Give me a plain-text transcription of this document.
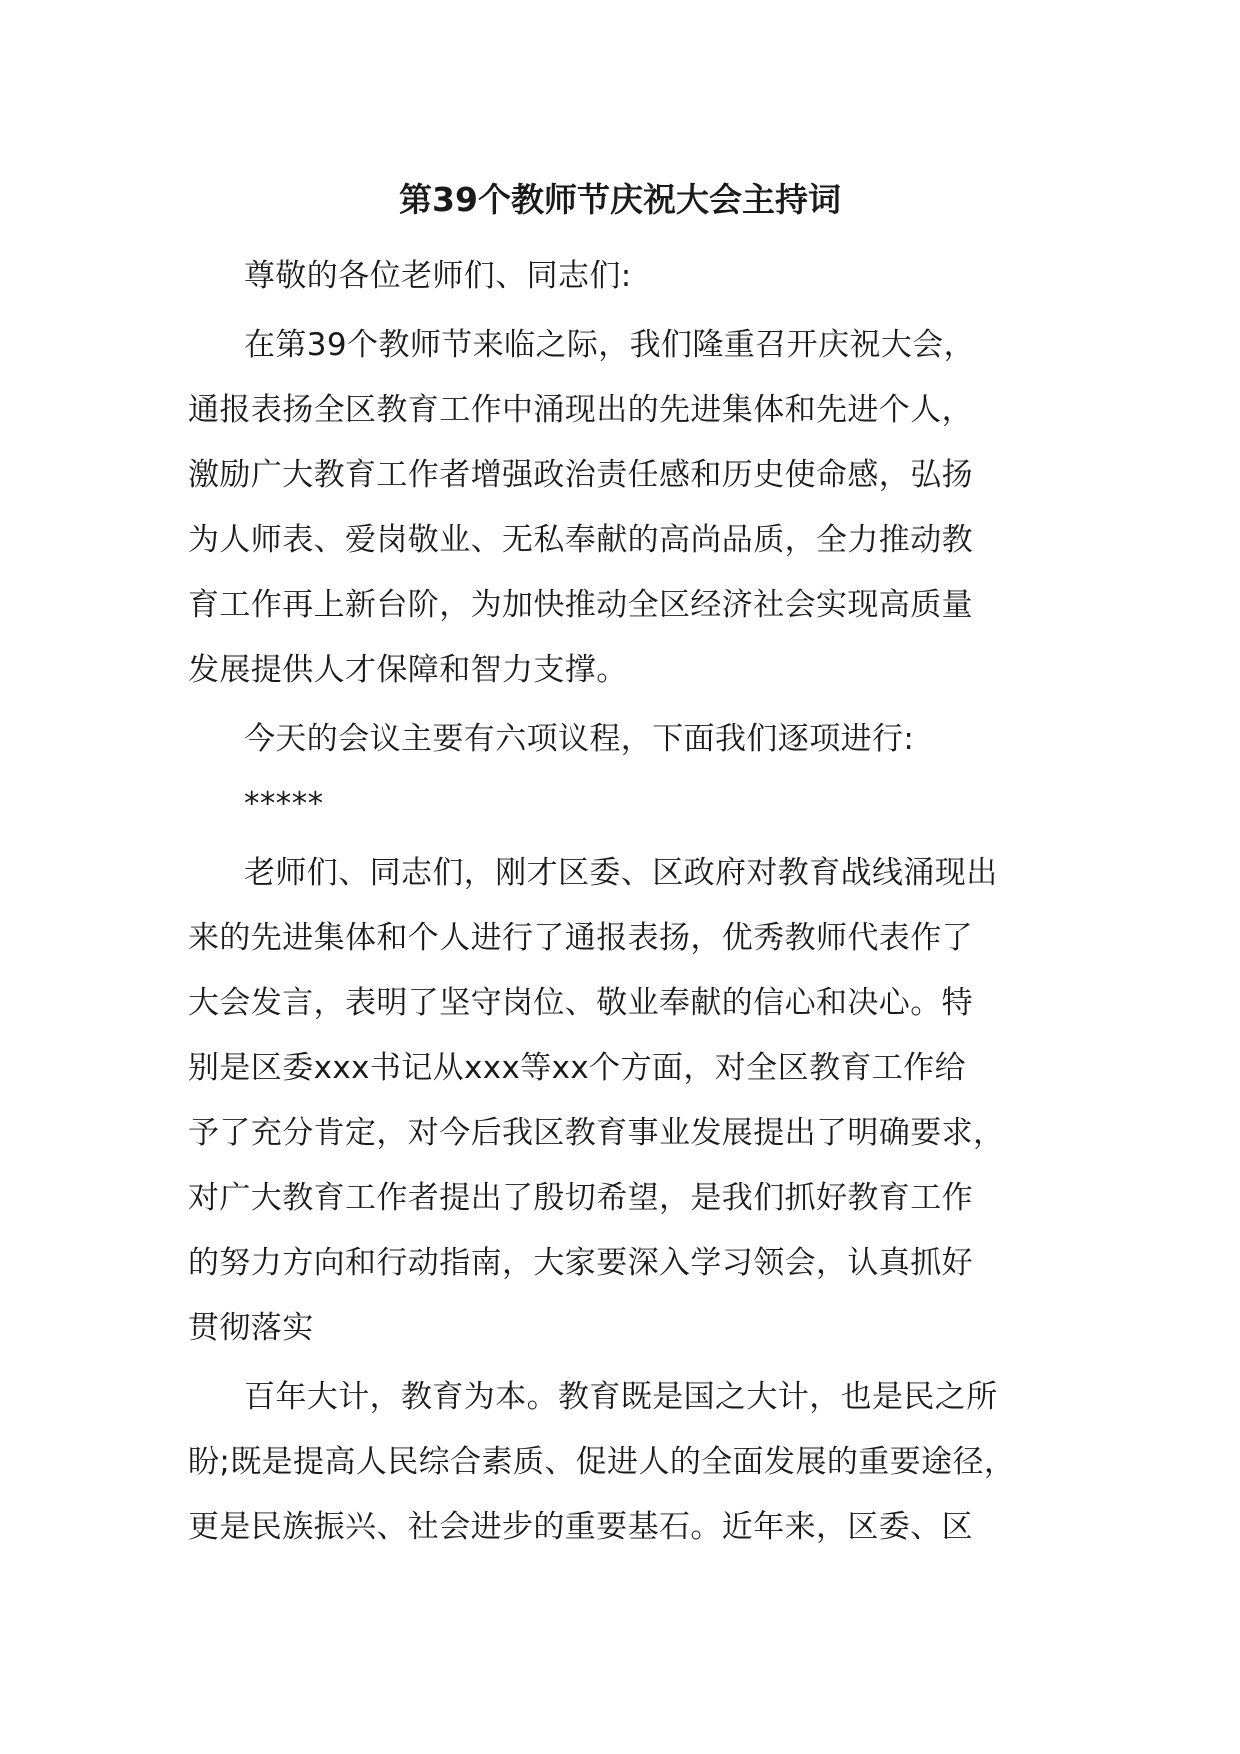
第39个教师节庆祝大会主持词

尊敬的各位老师们、同志们:

在第39个教师节来临之际，我们隆重召开庆祝大会，
通报表扬全区教育工作中涌现出的先进集体和先进个人，
激励广大教育工作者增强政治责任感和历史使命感，弘扬
为人师表、爱岗敬业、无私奉献的高尚品质，全力推动教
育工作再上新台阶，为加快推动全区经济社会实现高质量
发展提供人才保障和智力支撑。

今天的会议主要有六项议程，下面我们逐项进行:

*****

老师们、同志们，刚才区委、区政府对教育战线涌现出
来的先进集体和个人进行了通报表扬，优秀教师代表作了
大会发言，表明了坚守岗位、敬业奉献的信心和决心。特
别是区委xxx书记从xxx等xx个方面，对全区教育工作给
予了充分肯定，对今后我区教育事业发展提出了明确要求，
对广大教育工作者提出了殷切希望，是我们抓好教育工作
的努力方向和行动指南，大家要深入学习领会，认真抓好
贯彻落实

百年大计，教育为本。教育既是国之大计，也是民之所
盼;既是提高人民综合素质、促进人的全面发展的重要途径，
更是民族振兴、社会进步的重要基石。近年来，区委、区
